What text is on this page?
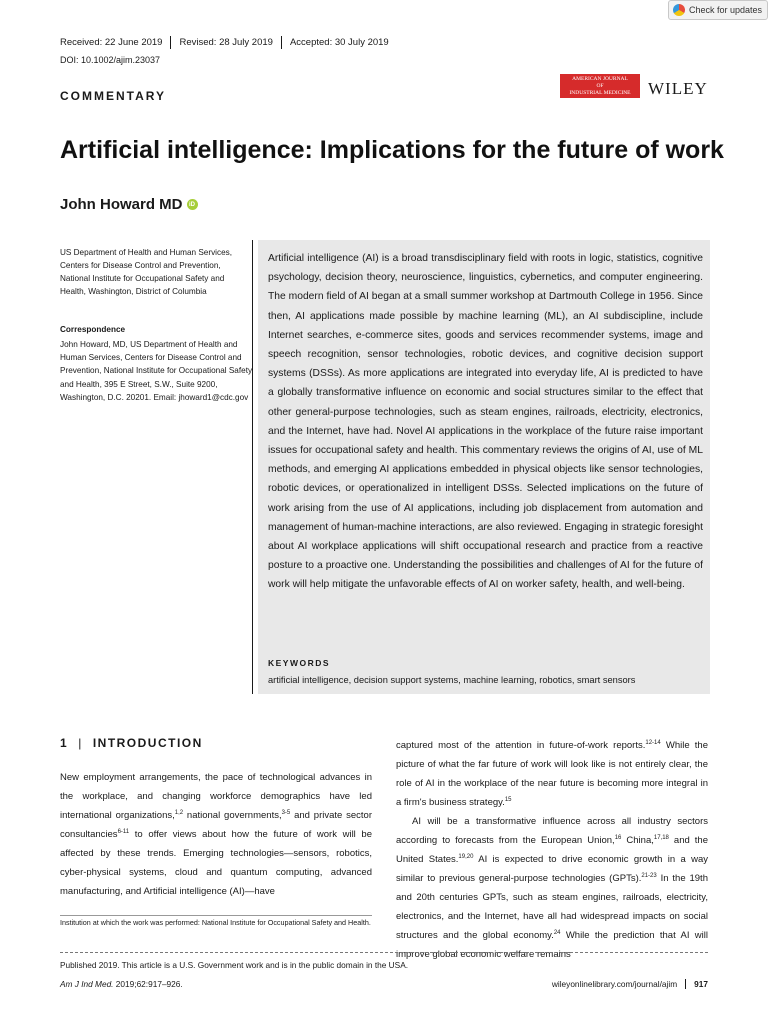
Check for updates
Received: 22 June 2019	Revised: 28 July 2019	Accepted: 30 July 2019
DOI: 10.1002/ajim.23037
COMMENTARY
AMERICAN JOURNAL
OF
INDUSTRIAL MEDICINE	WILEY
Artificial intelligence: Implications for the future of work
John Howard MD	iD
US Department of Health and Human Services, Centers for Disease Control and Prevention, National Institute for Occupational Safety and Health, Washington, District of Columbia
Correspondence
John Howard, MD, US Department of Health and Human Services, Centers for Disease Control and Prevention, National Institute for Occupational Safety and Health, 395 E Street, S.W., Suite 9200, Washington, D.C. 20201. Email: jhoward1@cdc.gov
Artificial intelligence (AI) is a broad transdisciplinary field with roots in logic, statistics, cognitive psychology, decision theory, neuroscience, linguistics, cybernetics, and computer engineering. The modern field of AI began at a small summer workshop at Dartmouth College in 1956. Since then, AI applications made possible by machine learning (ML), an AI subdiscipline, include Internet searches, e-commerce sites, goods and services recommender systems, image and speech recognition, sensor technologies, robotic devices, and cognitive decision support systems (DSSs). As more applications are integrated into everyday life, AI is predicted to have a globally transformative influence on economic and social structures similar to the effect that other general-purpose technologies, such as steam engines, railroads, electricity, electronics, and the Internet, have had. Novel AI applications in the workplace of the future raise important issues for occupational safety and health. This commentary reviews the origins of AI, use of ML methods, and emerging AI applications embedded in physical objects like sensor technologies, robotic devices, or operationalized in intelligent DSSs. Selected implications on the future of work arising from the use of AI applications, including job displacement from automation and management of human-machine interactions, are also reviewed. Engaging in strategic foresight about AI workplace applications will shift occupational research and practice from a reactive posture to a proactive one. Understanding the possibilities and challenges of AI for the future of work will help mitigate the unfavorable effects of AI on worker safety, health, and well-being.
KEYWORDS
artificial intelligence, decision support systems, machine learning, robotics, smart sensors
1 | INTRODUCTION
New employment arrangements, the pace of technological advances in the workplace, and changing workforce demographics have led international organizations,$^{1,2}$ national governments,$^{3-5}$ and private sector consultancies$^{6-11}$ to offer views about how the future of work will be affected by these trends. Emerging technologies—sensors, robotics, cyber-physical systems, cloud and quantum computing, advanced manufacturing, and Artificial intelligence (AI)—have

captured most of the attention in future-of-work reports.$^{12-14}$ While the picture of what the far future of work will look like is not entirely clear, the role of AI in the workplace of the near future is becoming more integral in a firm's business strategy.$^{15}$

AI will be a transformative influence across all industry sectors according to forecasts from the European Union,$^{16}$ China,$^{17,18}$ and the United States.$^{19,20}$ AI is expected to drive economic growth in a way similar to previous general-purpose technologies (GPTs).$^{21-23}$ In the 19th and 20th centuries GPTs, such as steam engines, railroads, electricity, electronics, and the Internet, have all had widespread impacts on social structures and the global economy.$^{24}$ While the prediction that AI will improve global economic welfare remains

Institution at which the work was performed: National Institute for Occupational Safety and Health.
Published 2019. This article is a U.S. Government work and is in the public domain in the USA.
Am J Ind Med. 2019;62:917–926.	wileyonlinelibrary.com/journal/ajim	917
